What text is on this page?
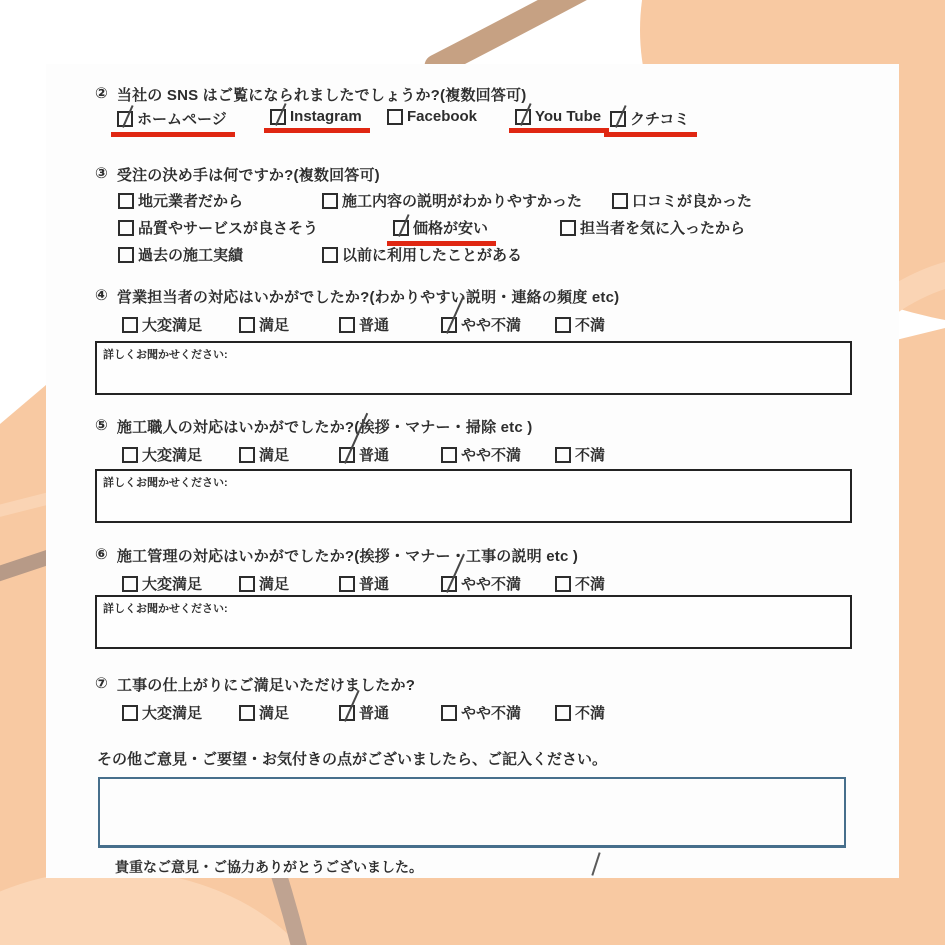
② 当社の SNS はご覧になられましたでしょうか?(複数回答可)
ホームページ	Instagram	Facebook	You Tube クチコミ
③ 受注の決め手は何ですか?(複数回答可)
地元業者だから	施工内容の説明がわかりやすかった	口コミが良かった
品質やサービスが良さそう	価格が安い	担当者を気に入ったから
過去の施工実績	以前に利用したことがある
④ 営業担当者の対応はいかがでしたか?(わかりやすい説明・連絡の頻度 etc)
大変満足	満足	普通	やや不満	不満
詳しくお聞かせください:
⑤ 施工職人の対応はいかがでしたか?(挨拶・マナー・掃除 etc )
大変満足	満足	普通	やや不満	不満
詳しくお聞かせください:
⑥ 施工管理の対応はいかがでしたか?(挨拶・マナー・工事の説明 etc )
大変満足	満足	普通	やや不満	不満
詳しくお聞かせください:
⑦ 工事の仕上がりにご満足いただけましたか?
大変満足	満足	普通	やや不満	不満
その他ご意見・ご要望・お気付きの点がございましたら、ご記入ください。
貴重なご意見・ご協力ありがとうございました。
